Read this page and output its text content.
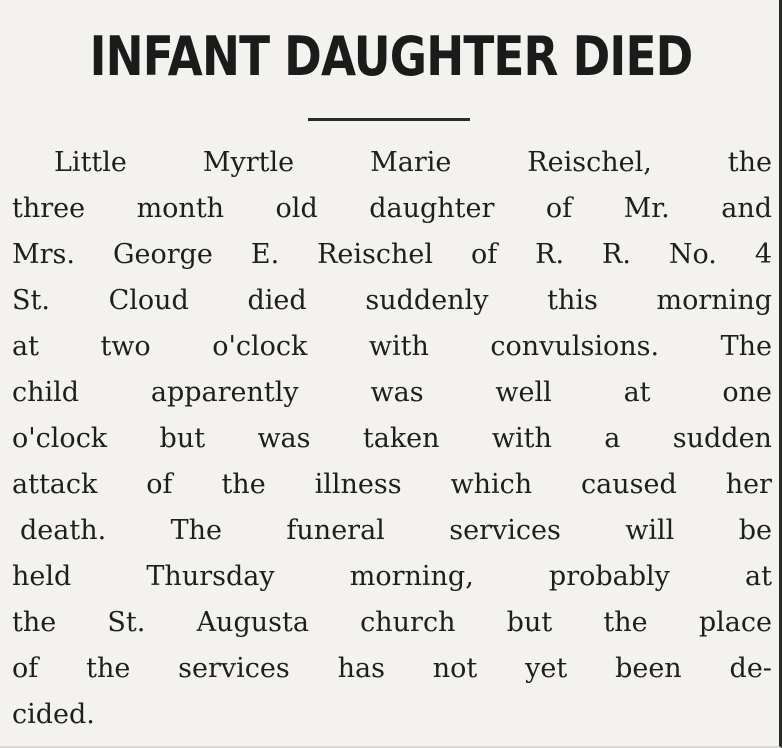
INFANT DAUGHTER DIED
Little	Myrtle	Marie	Reischel,	the
three month old daughter of Mr. and
Mrs. George E. Reischel of R. R. No. 4
St. Cloud died suddenly this morning
at two o'clock with convulsions. The
child	apparently	was	well	at	one
o'clock but was taken with a sudden
attack of the illness which caused her
death. The funeral services will be
held	Thursday	morning,	probably	at
the St. Augusta church but the place
of the services has not yet been de-
cided.
